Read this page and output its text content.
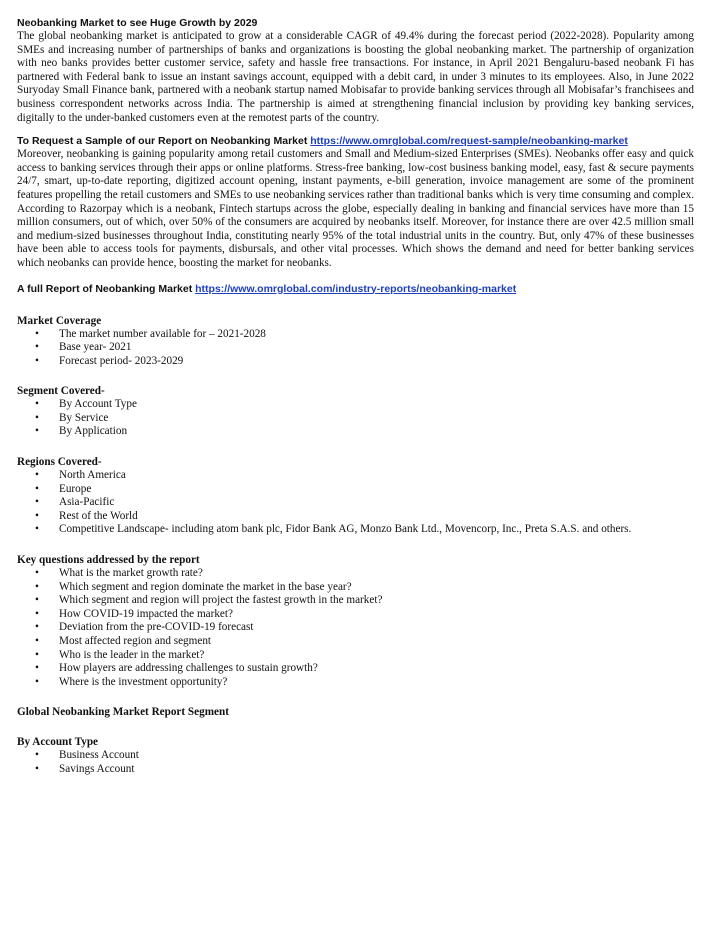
Neobanking Market to see Huge Growth by 2029

The global neobanking market is anticipated to grow at a considerable CAGR of 49.4% during the forecast period (2022-2028). Popularity among SMEs and increasing number of partnerships of banks and organizations is boosting the global neobanking market. The partnership of organization with neo banks provides better customer service, safety and hassle free transactions. For instance, in April 2021 Bengaluru-based neobank Fi has partnered with Federal bank to issue an instant savings account, equipped with a debit card, in under 3 minutes to its employees. Also, in June 2022 Suryoday Small Finance bank, partnered with a neobank startup named Mobisafar to provide banking services through all Mobisafar’s franchisees and business correspondent networks across India. The partnership is aimed at strengthening financial inclusion by providing key banking services, digitally to the under-banked customers even at the remotest parts of the country.

To Request a Sample of our Report on Neobanking Market https://www.omrglobal.com/request-sample/neobanking-market

Moreover, neobanking is gaining popularity among retail customers and Small and Medium-sized Enterprises (SMEs). Neobanks offer easy and quick access to banking services through their apps or online platforms. Stress-free banking, low-cost business banking model, easy, fast & secure payments 24/7, smart, up-to-date reporting, digitized account opening, instant payments, e-bill generation, invoice management are some of the prominent features propelling the retail customers and SMEs to use neobanking services rather than traditional banks which is very time consuming and complex. According to Razorpay which is a neobank, Fintech startups across the globe, especially dealing in banking and financial services have more than 15 million consumers, out of which, over 50% of the consumers are acquired by neobanks itself. Moreover, for instance there are over 42.5 million small and medium-sized businesses throughout India, constituting nearly 95% of the total industrial units in the country. But, only 47% of these businesses have been able to access tools for payments, disbursals, and other vital processes. Which shows the demand and need for better banking services which neobanks can provide hence, boosting the market for neobanks.

A full Report of Neobanking Market https://www.omrglobal.com/industry-reports/neobanking-market

Market Coverage
• The market number available for – 2021-2028
• Base year- 2021
• Forecast period- 2023-2029
Segment Covered-
• By Account Type
• By Service
• By Application
Regions Covered-
• North America
• Europe
• Asia-Pacific
• Rest of the World
• Competitive Landscape- including atom bank plc, Fidor Bank AG, Monzo Bank Ltd., Movencorp, Inc., Preta S.A.S. and others.
Key questions addressed by the report
• What is the market growth rate?
• Which segment and region dominate the market in the base year?
• Which segment and region will project the fastest growth in the market?
• How COVID-19 impacted the market?
• Deviation from the pre-COVID-19 forecast
• Most affected region and segment
• Who is the leader in the market?
• How players are addressing challenges to sustain growth?
• Where is the investment opportunity?
Global Neobanking Market Report Segment
By Account Type
• Business Account
• Savings Account
